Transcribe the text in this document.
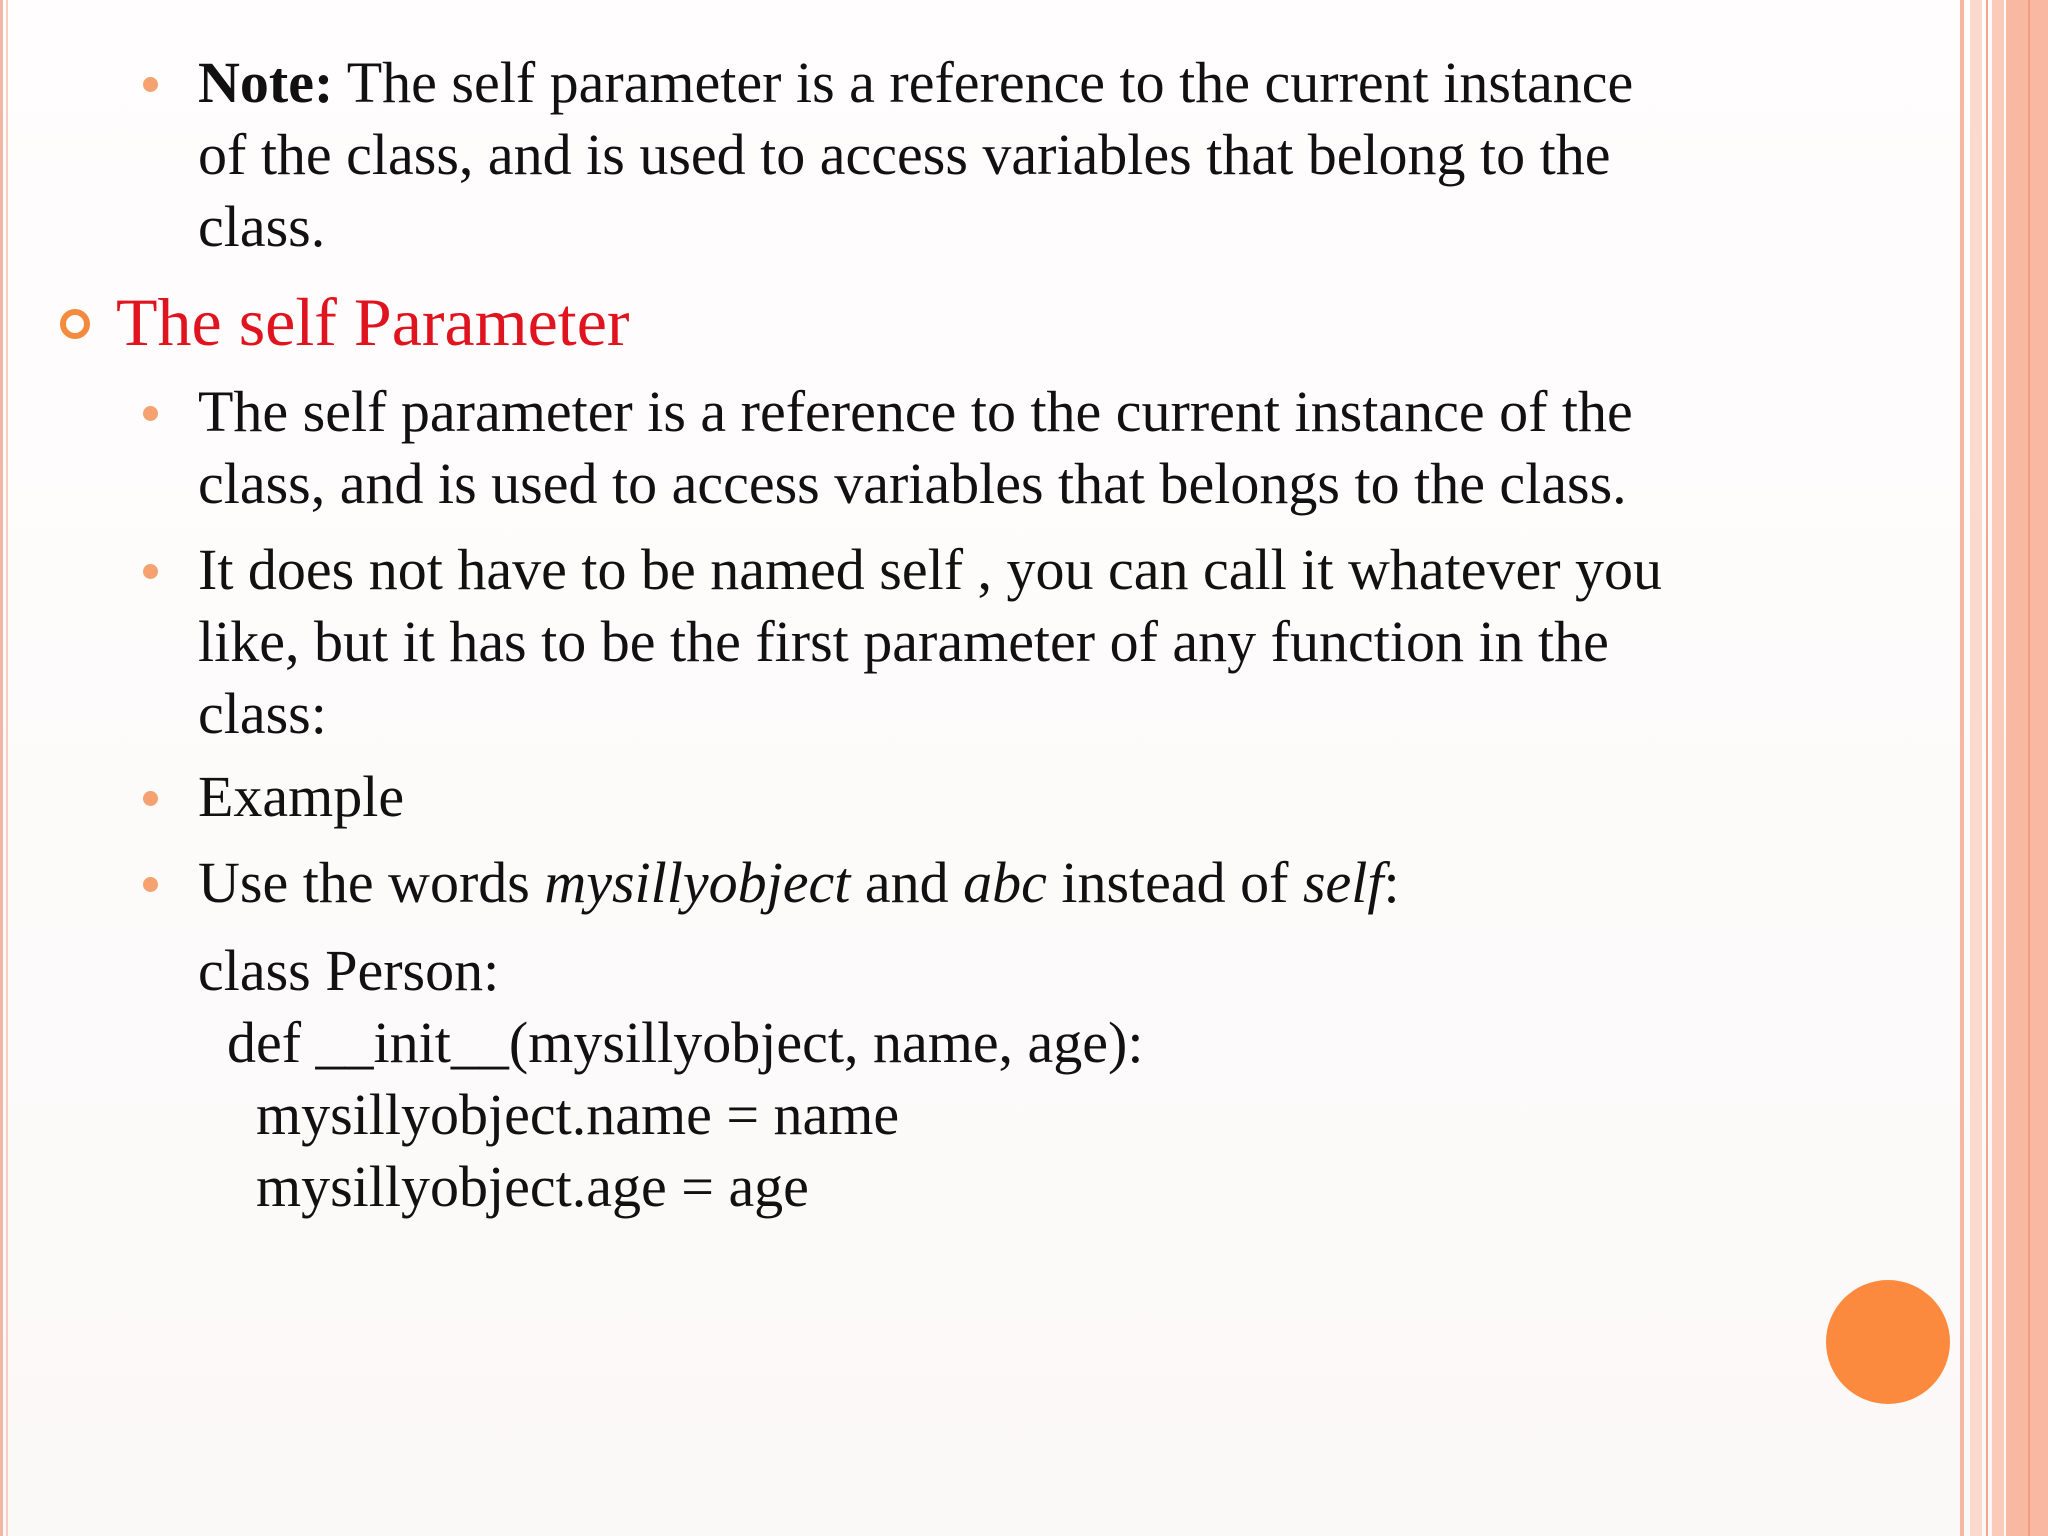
Note: The self parameter is a reference to the current instance
of the class, and is used to access variables that belong to the
class.
The self Parameter
The self parameter is a reference to the current instance of the
class, and is used to access variables that belongs to the class.
It does not have to be named self , you can call it whatever you
like, but it has to be the first parameter of any function in the
class:
Example
Use the words mysillyobject and abc instead of self:
class Person:
def __init__(mysillyobject, name, age):
mysillyobject.name = name
mysillyobject.age = age
